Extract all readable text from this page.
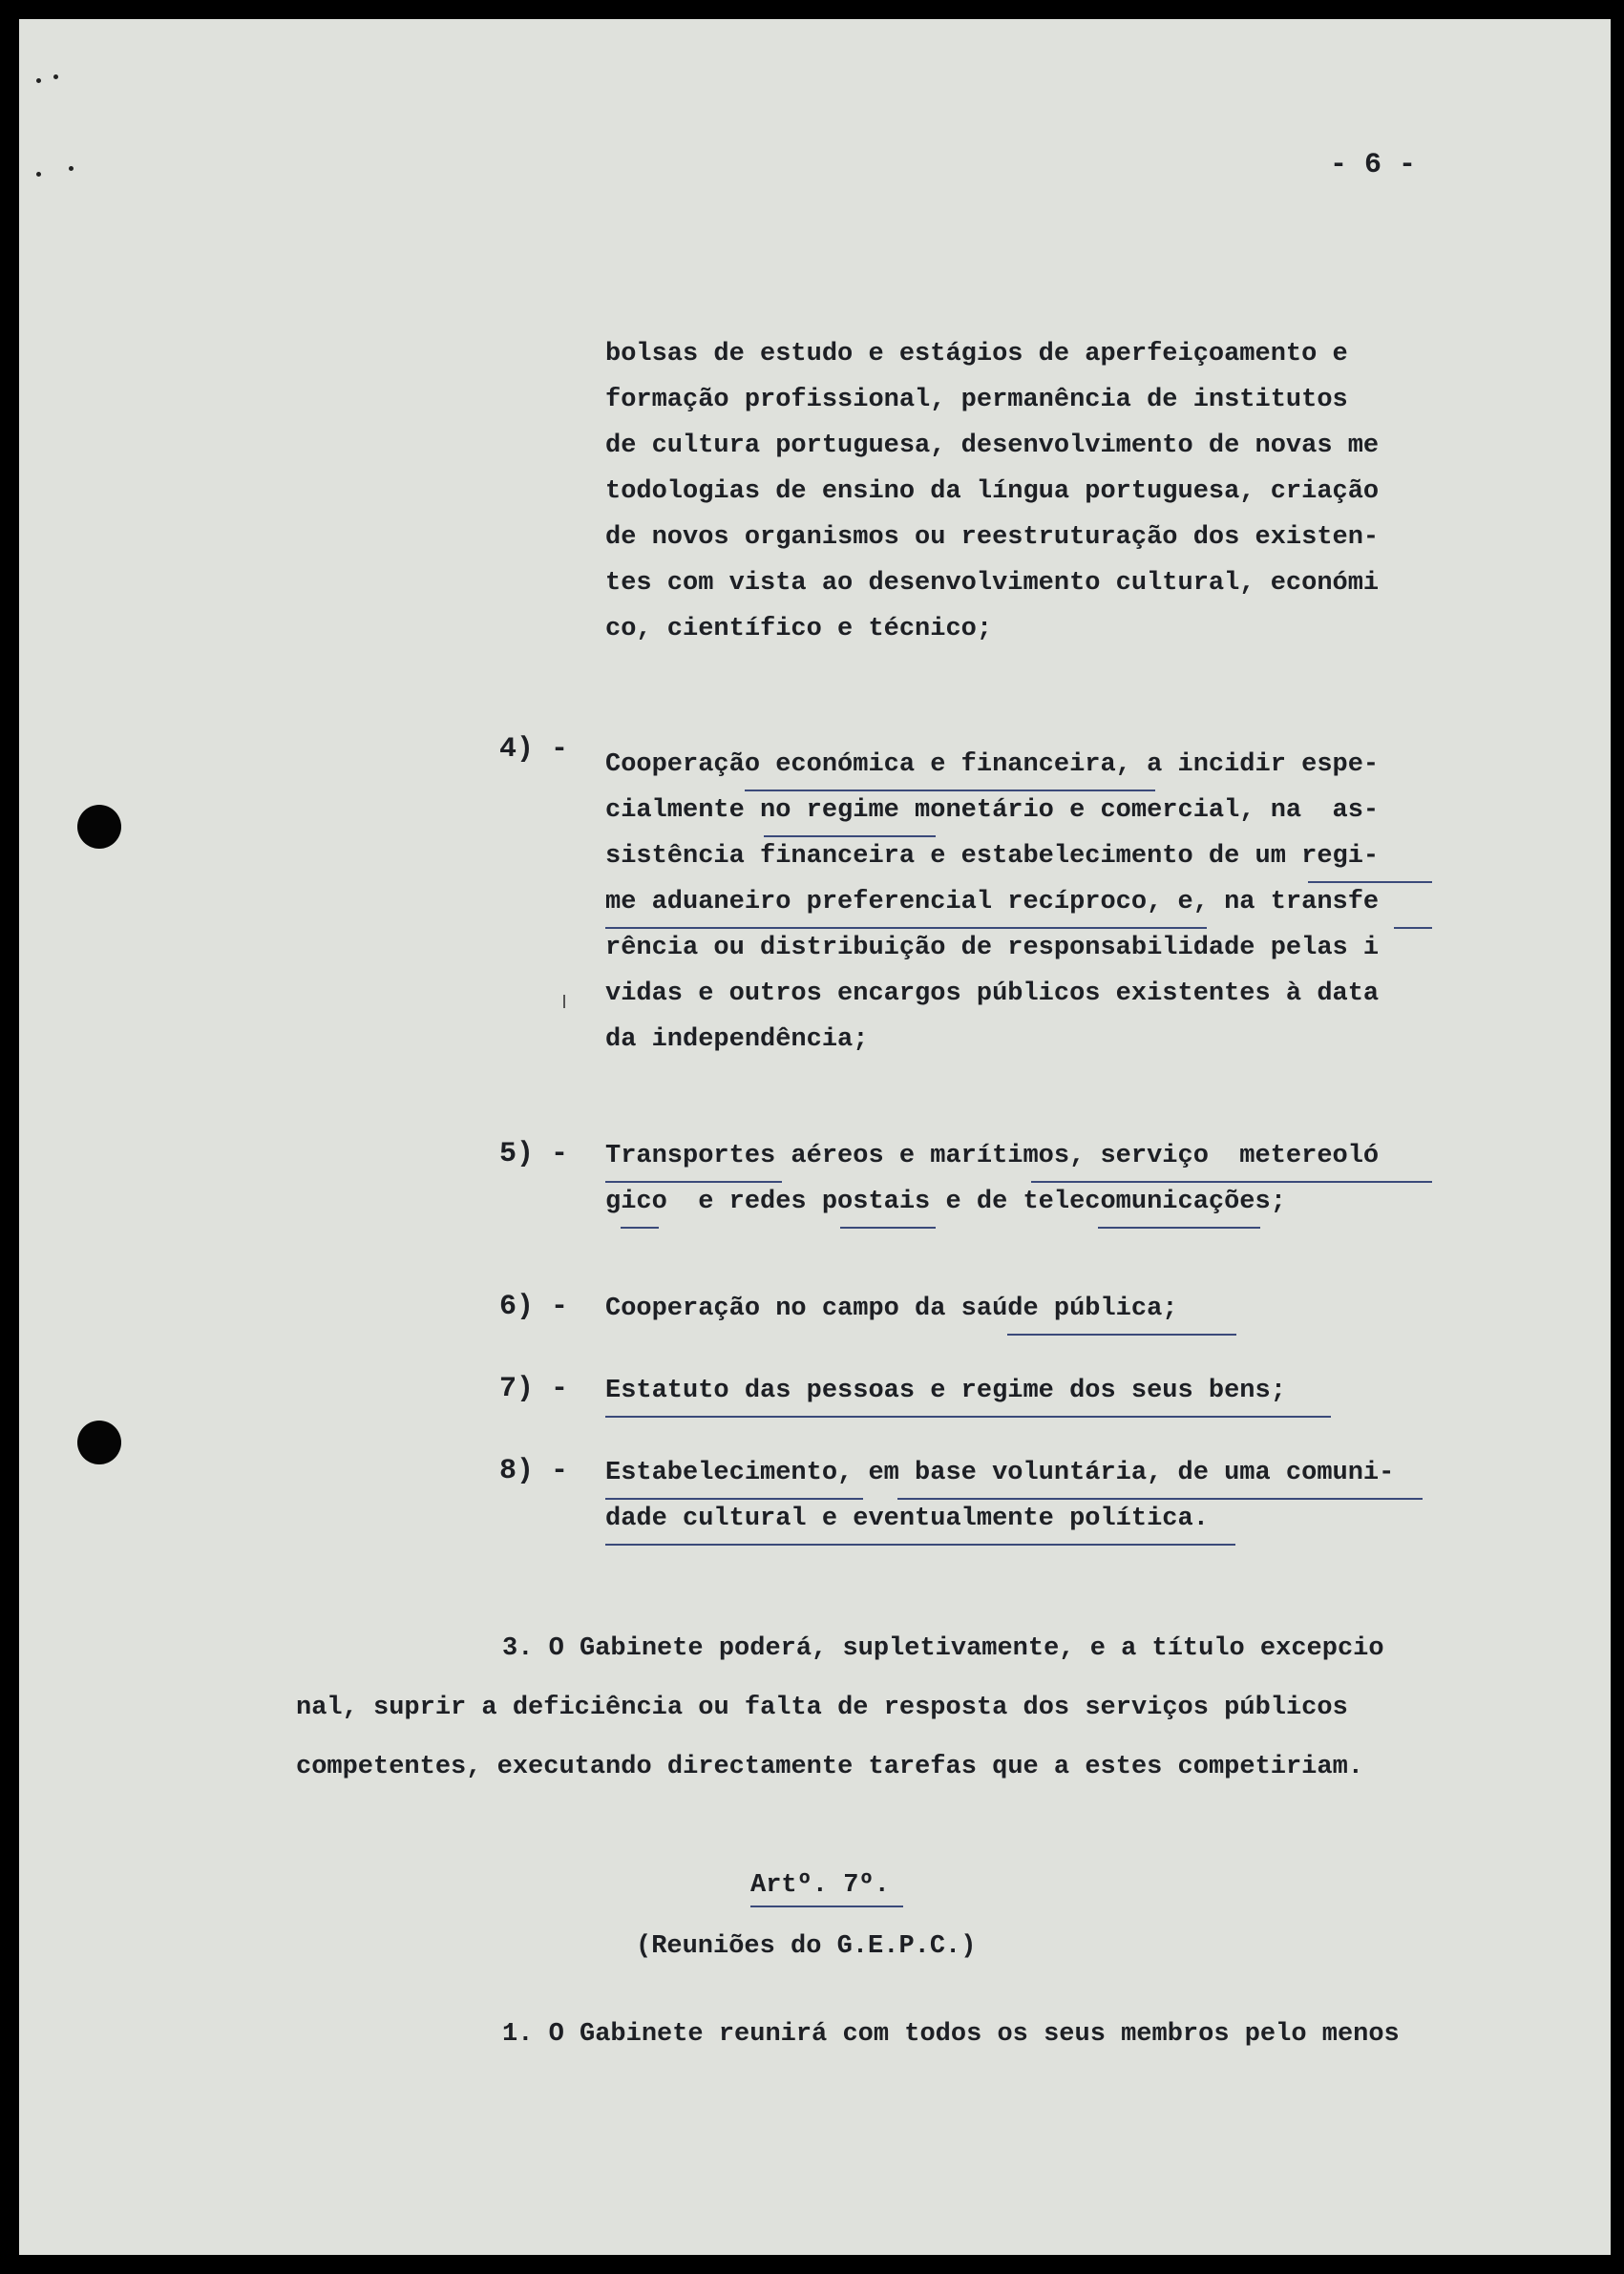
- 6 -
bolsas de estudo e estágios de aperfeiçoamento e
formação profissional, permanência de institutos
de cultura portuguesa, desenvolvimento de novas me
todologias de ensino da língua portuguesa, criação
de novos organismos ou reestruturação dos existen-
tes com vista ao desenvolvimento cultural, económi
co, científico e técnico;
4) - Cooperação económica e financeira, a incidir espe-
cialmente no regime monetário e comercial, na  as-
sistência financeira e estabelecimento de um regi-
me aduaneiro preferencial recíproco, e, na transfe
rência ou distribuição de responsabilidade pelas i
vidas e outros encargos públicos existentes à data
da independência;
5) - Transportes aéreos e marítimos, serviço  metereoló
gico  e redes postais e de telecomunicações;
6) - Cooperação no campo da saúde pública;
7) - Estatuto das pessoas e regime dos seus bens;
8) - Estabelecimento, em base voluntária, de uma comuni-
dade cultural e eventualmente política.
3. O Gabinete poderá, supletivamente, e a título excepcio
nal, suprir a deficiência ou falta de resposta dos serviços públicos
competentes, executando directamente tarefas que a estes competiriam.
Artº. 7º.
(Reuniões do G.E.P.C.)
1. O Gabinete reunirá com todos os seus membros pelo menos
